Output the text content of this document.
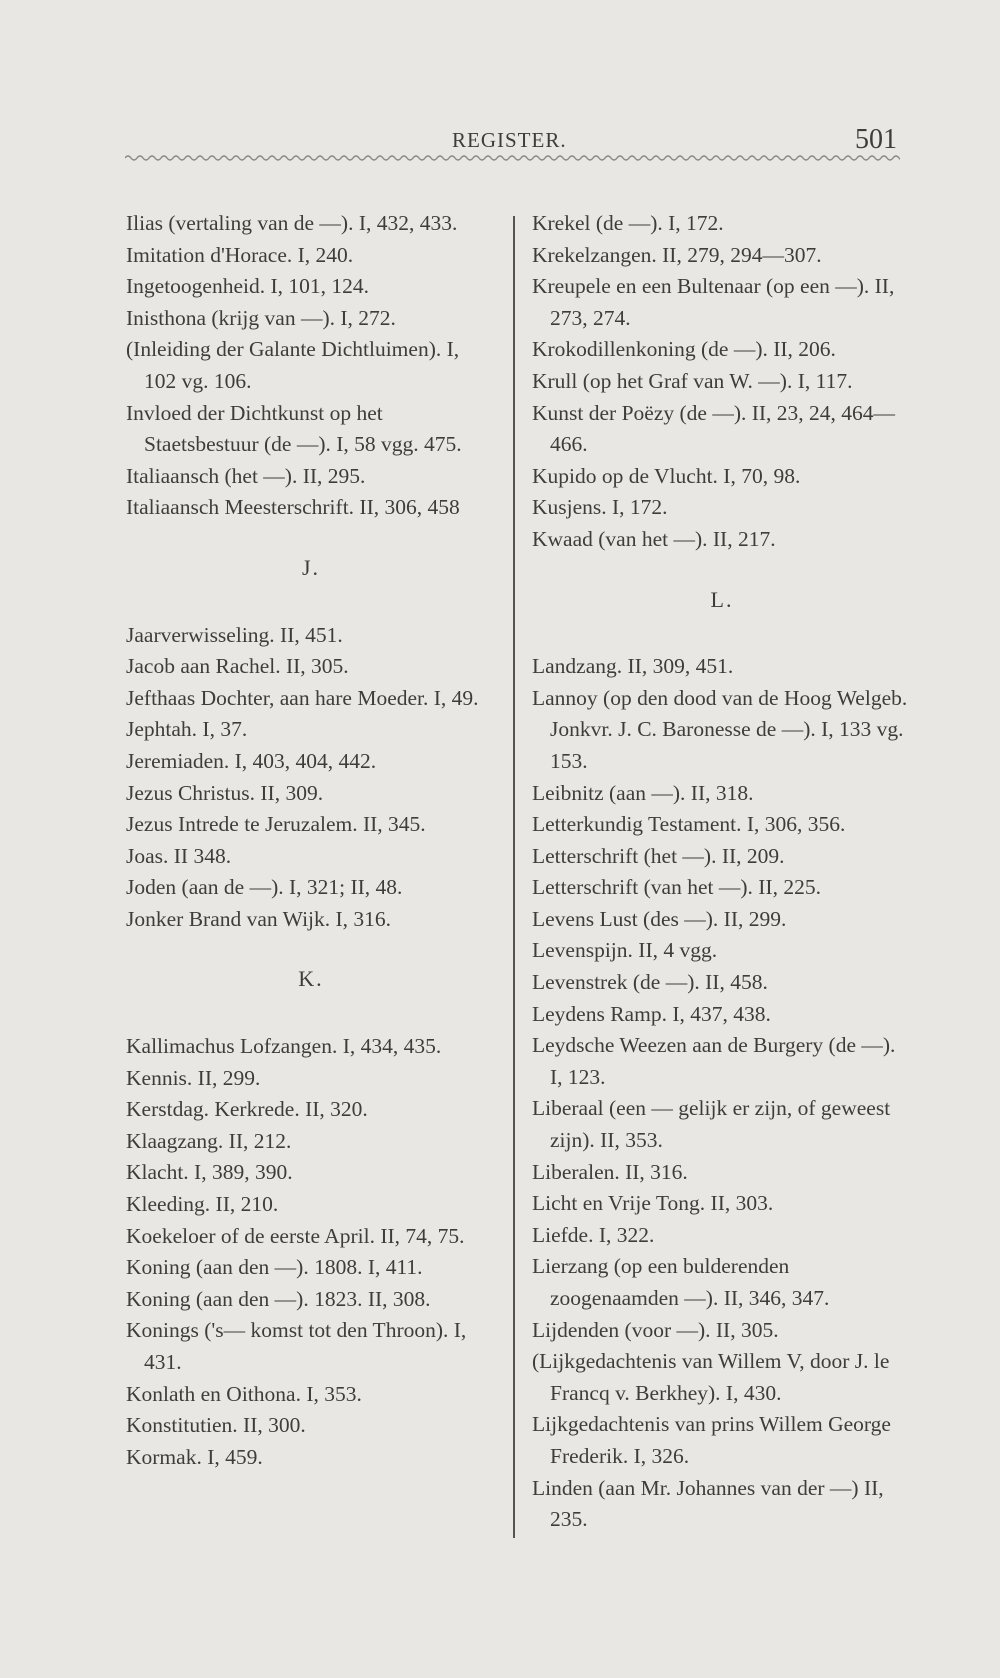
REGISTER.	501
Ilias (vertaling van de —). I, 432, 433.
Imitation d'Horace. I, 240.
Ingetoogenheid. I, 101, 124.
Inisthona (krijg van —). I, 272.
(Inleiding der Galante Dichtluimen). I, 102 vg. 106.
Invloed der Dichtkunst op het Staetsbestuur (de —). I, 58 vgg. 475.
Italiaansch (het —). II, 295.
Italiaansch Meesterschrift. II, 306, 458
J.
Jaarverwisseling. II, 451.
Jacob aan Rachel. II, 305.
Jefthaas Dochter, aan hare Moeder. I, 49.
Jephtah. I, 37.
Jeremiaden. I, 403, 404, 442.
Jezus Christus. II, 309.
Jezus Intrede te Jeruzalem. II, 345.
Joas. II 348.
Joden (aan de —). I, 321; II, 48.
Jonker Brand van Wijk. I, 316.
K.
Kallimachus Lofzangen. I, 434, 435.
Kennis. II, 299.
Kerstdag. Kerkrede. II, 320.
Klaagzang. II, 212.
Klacht. I, 389, 390.
Kleeding. II, 210.
Koekeloer of de eerste April. II, 74, 75.
Koning (aan den —). 1808. I, 411.
Koning (aan den —). 1823. II, 308.
Konings ('s— komst tot den Throon). I, 431.
Konlath en Oithona. I, 353.
Konstitutien. II, 300.
Kormak. I, 459.
Krekel (de —). I, 172.
Krekelzangen. II, 279, 294—307.
Kreupele en een Bultenaar (op een —). II, 273, 274.
Krokodillenkoning (de —). II, 206.
Krull (op het Graf van W. —). I, 117.
Kunst der Poëzy (de —). II, 23, 24, 464—466.
Kupido op de Vlucht. I, 70, 98.
Kusjens. I, 172.
Kwaad (van het —). II, 217.
L.
Landzang. II, 309, 451.
Lannoy (op den dood van de Hoog Welgeb. Jonkvr. J. C. Baronesse de —). I, 133 vg. 153.
Leibnitz (aan —). II, 318.
Letterkundig Testament. I, 306, 356.
Letterschrift (het —). II, 209.
Letterschrift (van het —). II, 225.
Levens Lust (des —). II, 299.
Levenspijn. II, 4 vgg.
Levenstrek (de —). II, 458.
Leydens Ramp. I, 437, 438.
Leydsche Weezen aan de Burgery (de —). I, 123.
Liberaal (een — gelijk er zijn, of geweest zijn). II, 353.
Liberalen. II, 316.
Licht en Vrije Tong. II, 303.
Liefde. I, 322.
Lierzang (op een bulderenden zoogenaamden —). II, 346, 347.
Lijdenden (voor —). II, 305.
(Lijkgedachtenis van Willem V, door J. le Francq v. Berkhey). I, 430.
Lijkgedachtenis van prins Willem George Frederik. I, 326.
Linden (aan Mr. Johannes van der —) II, 235.
